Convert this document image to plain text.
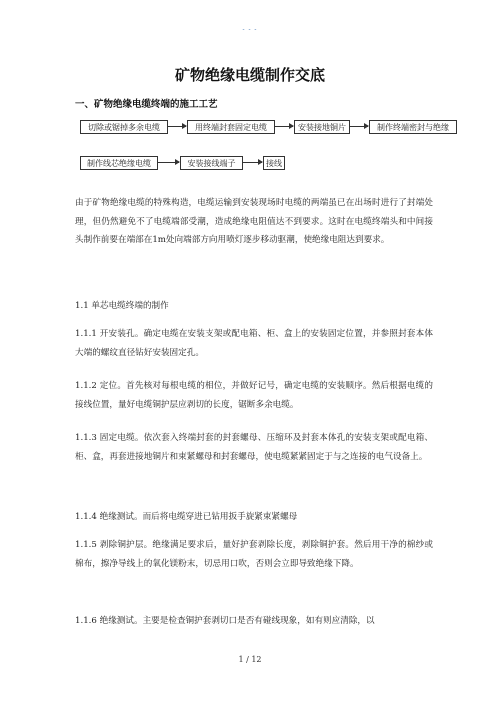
- - -
矿物绝缘电缆制作交底
一、矿物绝缘电缆终端的施工工艺
切除或锯掉多余电缆	用终端封套固定电缆	安装接地铜片	制作终端密封与绝缘
制作线芯绝缘电缆	安装接线端子	接线

由于矿物绝缘电缆的特殊构造，电缆运输到安装现场时电缆的两端虽已在出场时进行了封端处理，但仍然避免不了电缆端部受潮，造成绝缘电阻值达不到要求。这时在电缆终端头和中间接头制作前要在端部在1m处向端部方向用喷灯逐步移动驱潮，使绝缘电阻达到要求。

1.1 单芯电缆终端的制作

1.1.1 开安装孔。确定电缆在安装支架或配电箱、柜、盒上的安装固定位置，并参照封套本体大端的螺纹直径钻好安装固定孔。

1.1.2 定位。首先核对每根电缆的相位，并做好记号，确定电缆的安装顺序。然后根据电缆的接线位置，量好电缆铜护层应剥切的长度，锯断多余电缆。

1.1.3 固定电缆。依次套入终端封套的封套螺母、压缩环及封套本体孔的安装支架或配电箱、柜、盒，再套进接地铜片和束紧螺母和封套螺母，使电缆紧紧固定于与之连接的电气设备上。

1.1.4 绝缘测试。而后将电缆穿进已钻用扳手旋紧束紧螺母

1.1.5 剥除铜护层。绝缘满足要求后，量好护套剥除长度，剥除铜护套。然后用干净的棉纱或棉布，擦净导线上的氧化镁粉末，切忌用口吹，否则会立即导致绝缘下降。

1.1.6 绝缘测试。主要是检查铜护套剥切口是否有碰线现象，如有则应清除，以

1 / 12
